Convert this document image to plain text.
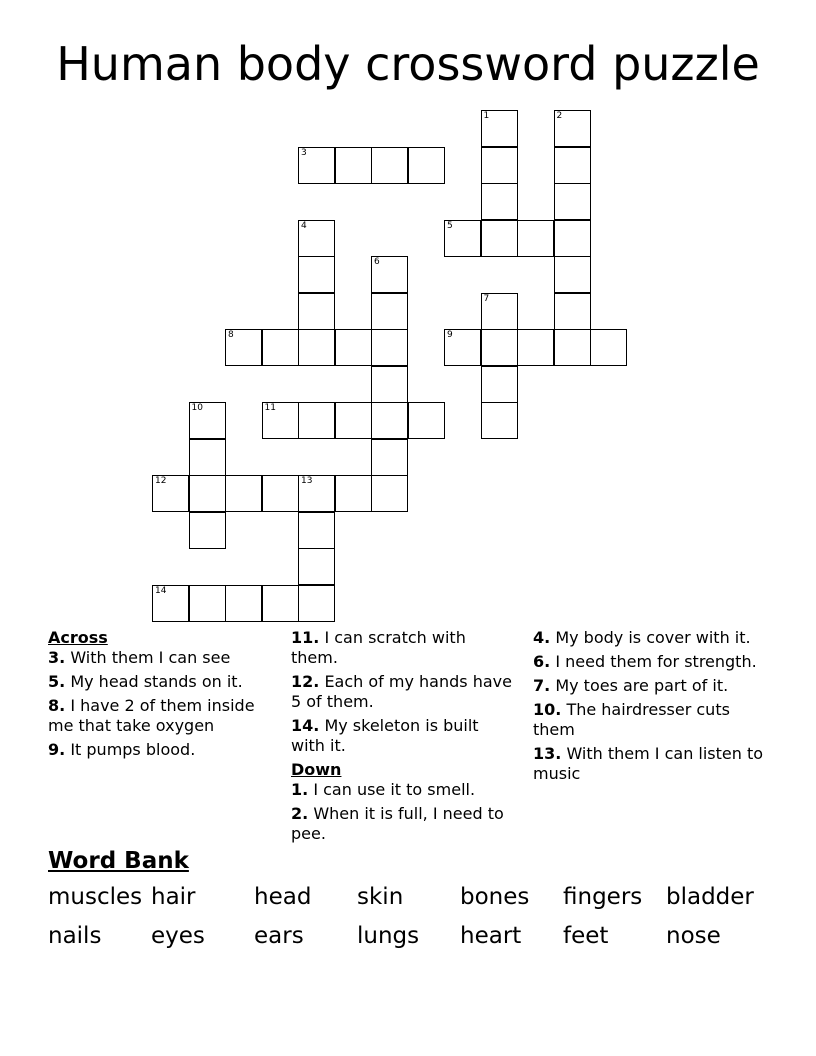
Human body crossword puzzle
1	2
3
4	5
6
7
8	9
10	11
12	13
14
Across
3. With them I can see
5. My head stands on it.
8. I have 2 of them inside me that take oxygen
9. It pumps blood.
11. I can scratch with them.
12. Each of my hands have 5 of them.
14. My skeleton is built with it.
Down
1. I can use it to smell.
2. When it is full, I need to pee.
4. My body is cover with it.
6. I need them for strength.
7. My toes are part of it.
10. The hairdresser cuts them
13. With them I can listen to music
Word Bank
muscles hair	head skin bones fingers bladder
nails eyes ears lungs heart feet	nose
